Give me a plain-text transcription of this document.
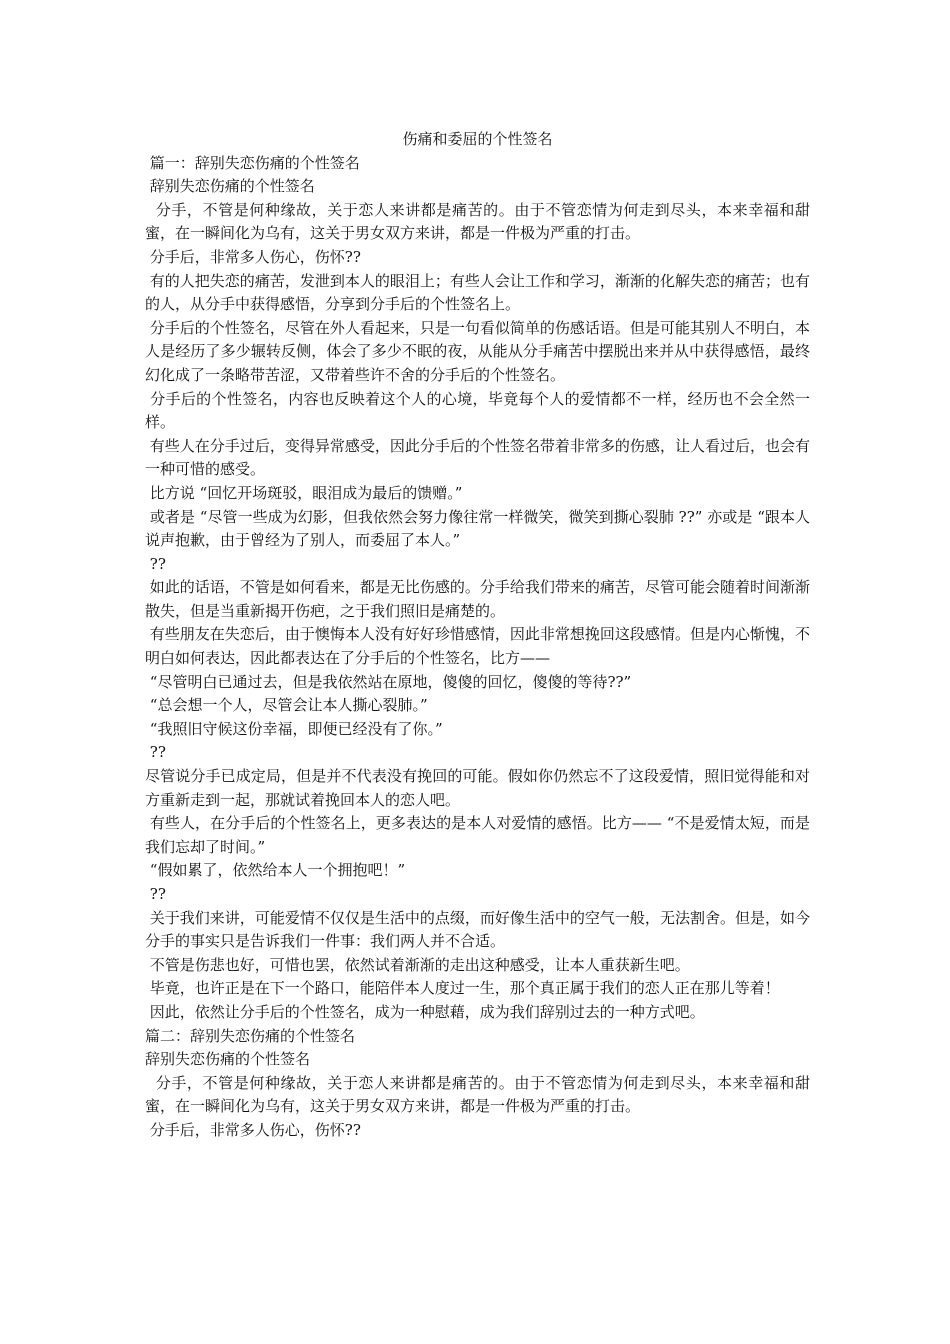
伤痛和委屈的个性签名

篇一：辞别失恋伤痛的个性签名

辞别失恋伤痛的个性签名

分手，不管是何种缘故，关于恋人来讲都是痛苦的。由于不管恋情为何走到尽头，本来幸福和甜蜜，在一瞬间化为乌有，这关于男女双方来讲，都是一件极为严重的打击。

分手后，非常多人伤心，伤怀??

有的人把失恋的痛苦，发泄到本人的眼泪上；有些人会让工作和学习，渐渐的化解失恋的痛苦；也有的人，从分手中获得感悟，分享到分手后的个性签名上。

分手后的个性签名，尽管在外人看起来，只是一句看似简单的伤感话语。但是可能其别人不明白，本人是经历了多少辗转反侧，体会了多少不眠的夜，从能从分手痛苦中摆脱出来并从中获得感悟，最终幻化成了一条略带苦涩，又带着些许不舍的分手后的个性签名。

分手后的个性签名，内容也反映着这个人的心境，毕竟每个人的爱情都不一样，经历也不会全然一样。

有些人在分手过后，变得异常感受，因此分手后的个性签名带着非常多的伤感，让人看过后，也会有一种可惜的感受。

比方说 “回忆开场斑驳，眼泪成为最后的馈赠。”

或者是 “尽管一些成为幻影，但我依然会努力像往常一样微笑，微笑到撕心裂肺 ??” 亦或是 “跟本人说声抱歉，由于曾经为了别人，而委屈了本人。”

??

如此的话语，不管是如何看来，都是无比伤感的。分手给我们带来的痛苦，尽管可能会随着时间渐渐散失，但是当重新揭开伤疤，之于我们照旧是痛楚的。

有些朋友在失恋后，由于懊悔本人没有好好珍惜感情，因此非常想挽回这段感情。但是内心惭愧，不明白如何表达，因此都表达在了分手后的个性签名，比方——

“尽管明白已通过去，但是我依然站在原地，傻傻的回忆，傻傻的等待??”

“总会想一个人，尽管会让本人撕心裂肺。”

“我照旧守候这份幸福，即便已经没有了你。”

??

尽管说分手已成定局，但是并不代表没有挽回的可能。假如你仍然忘不了这段爱情，照旧觉得能和对方重新走到一起，那就试着挽回本人的恋人吧。

有些人，在分手后的个性签名上，更多表达的是本人对爱情的感悟。比方—— “不是爱情太短，而是我们忘却了时间。”

“假如累了，依然给本人一个拥抱吧！”

??

关于我们来讲，可能爱情不仅仅是生活中的点缀，而好像生活中的空气一般，无法割舍。但是，如今分手的事实只是告诉我们一件事：我们两人并不合适。

不管是伤悲也好，可惜也罢，依然试着渐渐的走出这种感受，让本人重获新生吧。

毕竟，也许正是在下一个路口，能陪伴本人度过一生，那个真正属于我们的恋人正在那儿等着！

因此，依然让分手后的个性签名，成为一种慰藉，成为我们辞别过去的一种方式吧。

篇二：辞别失恋伤痛的个性签名

辞别失恋伤痛的个性签名

分手，不管是何种缘故，关于恋人来讲都是痛苦的。由于不管恋情为何走到尽头，本来幸福和甜蜜，在一瞬间化为乌有，这关于男女双方来讲，都是一件极为严重的打击。

分手后，非常多人伤心，伤怀??
